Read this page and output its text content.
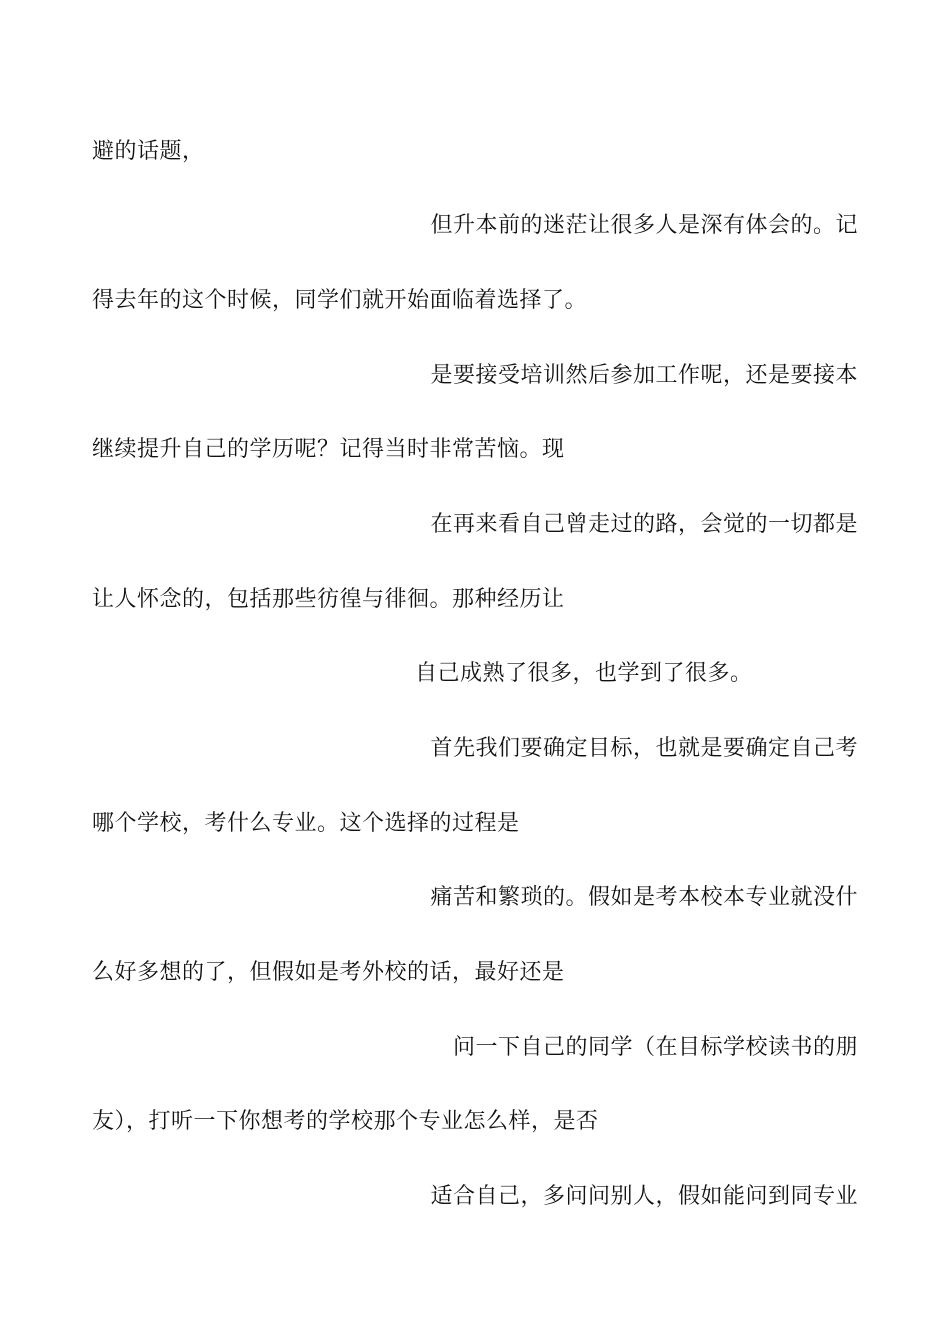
避的话题，
但升本前的迷茫让很多人是深有体会的。记
得去年的这个时候，同学们就开始面临着选择了。
是要接受培训然后参加工作呢，还是要接本
继续提升自己的学历呢？记得当时非常苦恼。现
在再来看自己曾走过的路，会觉的一切都是
让人怀念的，包括那些彷徨与徘徊。那种经历让
自己成熟了很多，也学到了很多。
首先我们要确定目标，也就是要确定自己考
哪个学校，考什么专业。这个选择的过程是
痛苦和繁琐的。假如是考本校本专业就没什
么好多想的了，但假如是考外校的话，最好还是
问一下自己的同学（在目标学校读书的朋
友），打听一下你想考的学校那个专业怎么样，是否
适合自己，多问问别人，假如能问到同专业
